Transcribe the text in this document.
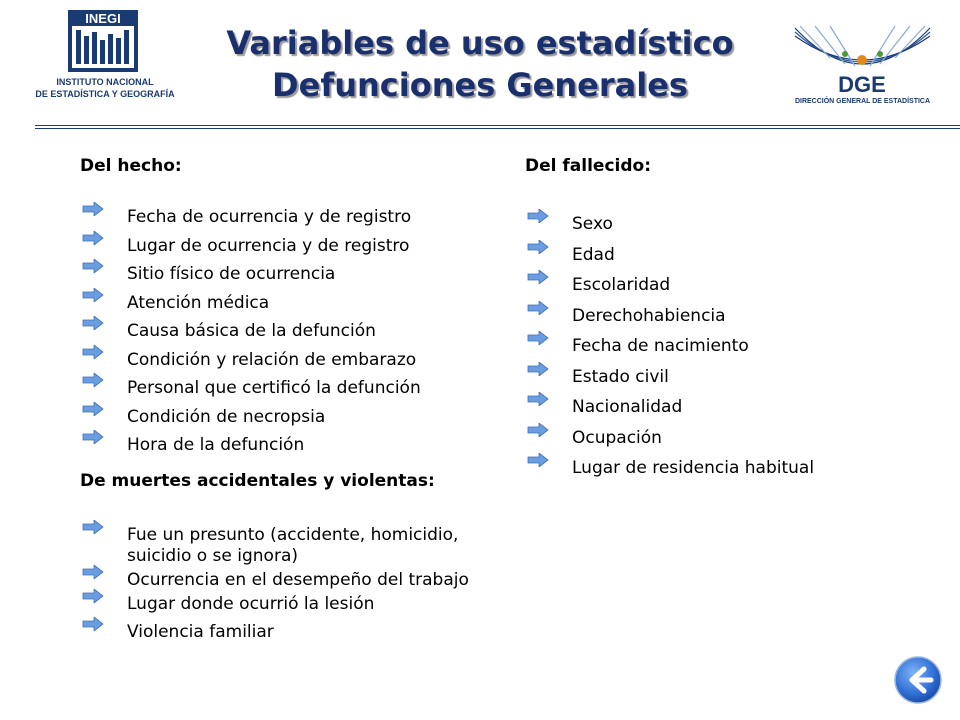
INEGI
INSTITUTO NACIONAL
DE ESTADÍSTICA Y GEOGRAFÍA
Variables de uso estadístico
Defunciones Generales	DGE
DIRECCIÓN GENERAL DE ESTADÍSTICA
Del hecho:
Fecha de ocurrencia y de registro
Lugar de ocurrencia y de registro
Sitio físico de ocurrencia
Atención médica
Causa básica de la defunción
Condición y relación de embarazo
Personal que certificó la defunción
Condición de necropsia
Hora de la defunción
De muertes accidentales y violentas:
Fue un presunto (accidente, homicidio, suicidio o se ignora)
Ocurrencia en el desempeño del trabajo
Lugar donde ocurrió la lesión
Violencia familiar
Del fallecido:
Sexo
Edad
Escolaridad
Derechohabiencia
Fecha de nacimiento
Estado civil
Nacionalidad
Ocupación
Lugar de residencia habitual
